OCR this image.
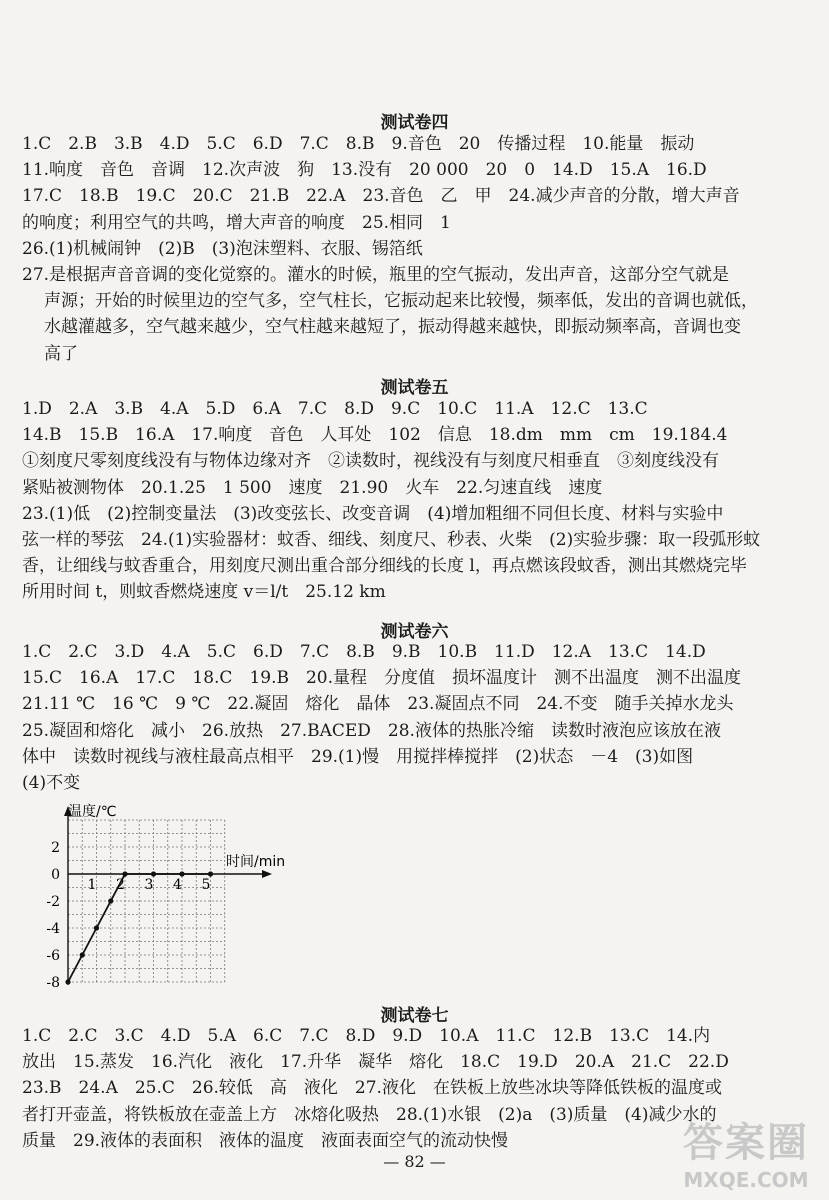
测试卷四
1.C　2.B　3.B　4.D　5.C　6.D　7.C　8.B　9.音色　20　传播过程　10.能量　振动
11.响度　音色　音调　12.次声波　狗　13.没有　20 000　20　0　14.D　15.A　16.D
17.C　18.B　19.C　20.C　21.B　22.A　23.音色　乙　甲　24.减少声音的分散，增大声音
的响度；利用空气的共鸣，增大声音的响度　25.相同　1
26.(1)机械闹钟　(2)B　(3)泡沫塑料、衣服、锡箔纸
27.是根据声音音调的变化觉察的。灌水的时候，瓶里的空气振动，发出声音，这部分空气就是
声源；开始的时候里边的空气多，空气柱长，它振动起来比较慢，频率低，发出的音调也就低，
水越灌越多，空气越来越少，空气柱越来越短了，振动得越来越快，即振动频率高，音调也变
高了
测试卷五
1.D　2.A　3.B　4.A　5.D　6.A　7.C　8.D　9.C　10.C　11.A　12.C　13.C
14.B　15.B　16.A　17.响度　音色　人耳处　102　信息　18.dm　mm　cm　19.184.4
①刻度尺零刻度线没有与物体边缘对齐　②读数时，视线没有与刻度尺相垂直　③刻度线没有
紧贴被测物体　20.1.25　1 500　速度　21.90　火车　22.匀速直线　速度
23.(1)低　(2)控制变量法　(3)改变弦长、改变音调　(4)增加粗细不同但长度、材料与实验中
弦一样的琴弦　24.(1)实验器材：蚊香、细线、刻度尺、秒表、火柴　(2)实验步骤：取一段弧形蚊
香，让细线与蚊香重合，用刻度尺测出重合部分细线的长度 l，再点燃该段蚊香，测出其燃烧完毕
所用时间 t，则蚊香燃烧速度 v＝l/t　25.12 km
测试卷六
1.C　2.C　3.D　4.A　5.C　6.D　7.C　8.B　9.B　10.B　11.D　12.A　13.C　14.D
15.C　16.A　17.C　18.C　19.B　20.量程　分度值　损坏温度计　测不出温度　测不出温度
21.11 ℃　16 ℃　9 ℃　22.凝固　熔化　晶体　23.凝固点不同　24.不变　随手关掉水龙头
25.凝固和熔化　减小　26.放热　27.BACED　28.液体的热胀冷缩　读数时液泡应该放在液
体中　读数时视线与液柱最高点相平　29.(1)慢　用搅拌棒搅拌　(2)状态　－4　(3)如图
(4)不变
测试卷七
1.C　2.C　3.C　4.D　5.A　6.C　7.C　8.D　9.D　10.A　11.C　12.B　13.C　14.内
放出　15.蒸发　16.汽化　液化　17.升华　凝华　熔化　18.C　19.D　20.A　21.C　22.D
23.B　24.A　25.C　26.较低　高　液化　27.液化　在铁板上放些冰块等降低铁板的温度或
者打开壶盖，将铁板放在壶盖上方　冰熔化吸热　28.(1)水银　(2)a　(3)质量　(4)减少水的
质量　29.液体的表面积　液体的温度　液面表面空气的流动快慢
2
0
-2
-4
-6
-8
1 2 3 4 5
温度/℃
时间/min
— 82 —	答案圈
MXQE.COM
